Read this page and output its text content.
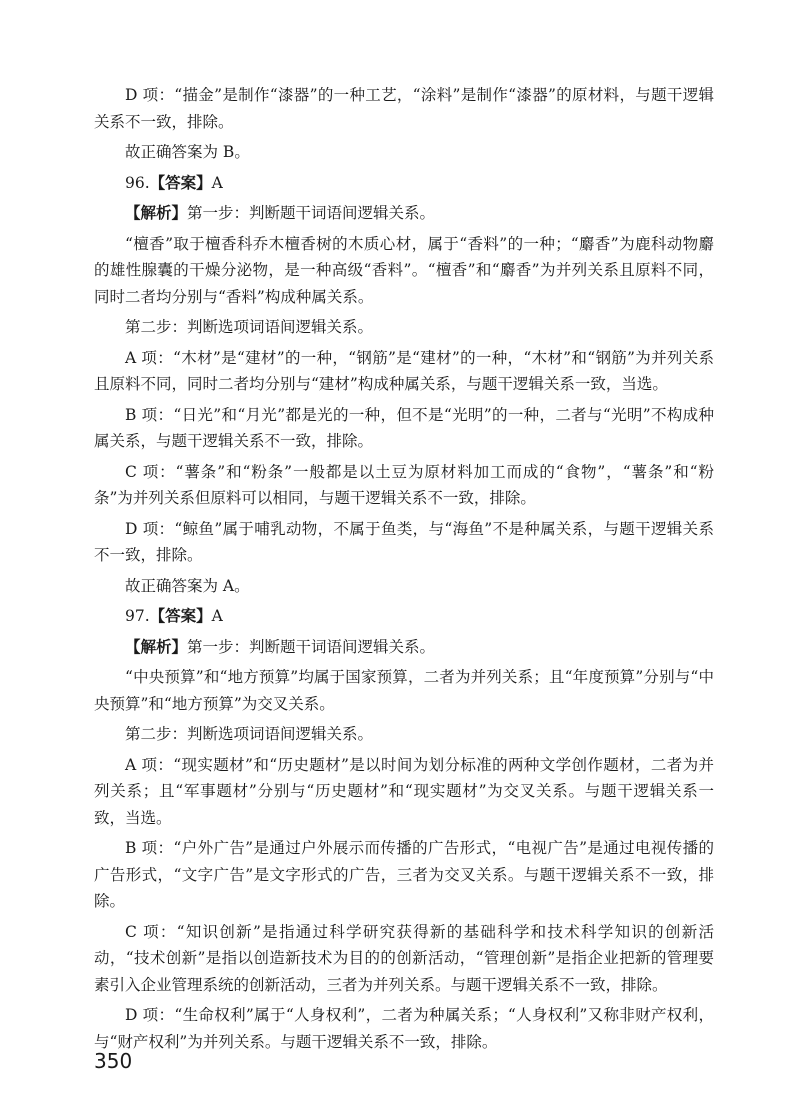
D 项：“描金”是制作“漆器”的一种工艺，“涂料”是制作“漆器”的原材料，与题干逻辑关系不一致，排除。

故正确答案为 B。

96.【答案】A

【解析】第一步：判断题干词语间逻辑关系。

“檀香”取于檀香科乔木檀香树的木质心材，属于“香料”的一种；“麝香”为鹿科动物麝的雄性腺囊的干燥分泌物，是一种高级“香料”。“檀香”和“麝香”为并列关系且原料不同，同时二者均分别与“香料”构成种属关系。

第二步：判断选项词语间逻辑关系。

A 项：“木材”是“建材”的一种，“钢筋”是“建材”的一种，“木材”和“钢筋”为并列关系且原料不同，同时二者均分别与“建材”构成种属关系，与题干逻辑关系一致，当选。

B 项：“日光”和“月光”都是光的一种，但不是“光明”的一种，二者与“光明”不构成种属关系，与题干逻辑关系不一致，排除。

C 项：“薯条”和“粉条”一般都是以土豆为原材料加工而成的“食物”，“薯条”和“粉条”为并列关系但原料可以相同，与题干逻辑关系不一致，排除。

D 项：“鲸鱼”属于哺乳动物，不属于鱼类，与“海鱼”不是种属关系，与题干逻辑关系不一致，排除。

故正确答案为 A。

97.【答案】A

【解析】第一步：判断题干词语间逻辑关系。

“中央预算”和“地方预算”均属于国家预算，二者为并列关系；且“年度预算”分别与“中央预算”和“地方预算”为交叉关系。

第二步：判断选项词语间逻辑关系。

A 项：“现实题材”和“历史题材”是以时间为划分标准的两种文学创作题材，二者为并列关系；且“军事题材”分别与“历史题材”和“现实题材”为交叉关系。与题干逻辑关系一致，当选。

B 项：“户外广告”是通过户外展示而传播的广告形式，“电视广告”是通过电视传播的广告形式，“文字广告”是文字形式的广告，三者为交叉关系。与题干逻辑关系不一致，排除。

C 项：“知识创新”是指通过科学研究获得新的基础科学和技术科学知识的创新活动，“技术创新”是指以创造新技术为目的的创新活动，“管理创新”是指企业把新的管理要素引入企业管理系统的创新活动，三者为并列关系。与题干逻辑关系不一致，排除。

D 项：“生命权利”属于“人身权利”，二者为种属关系；“人身权利”又称非财产权利，与“财产权利”为并列关系。与题干逻辑关系不一致，排除。

350
